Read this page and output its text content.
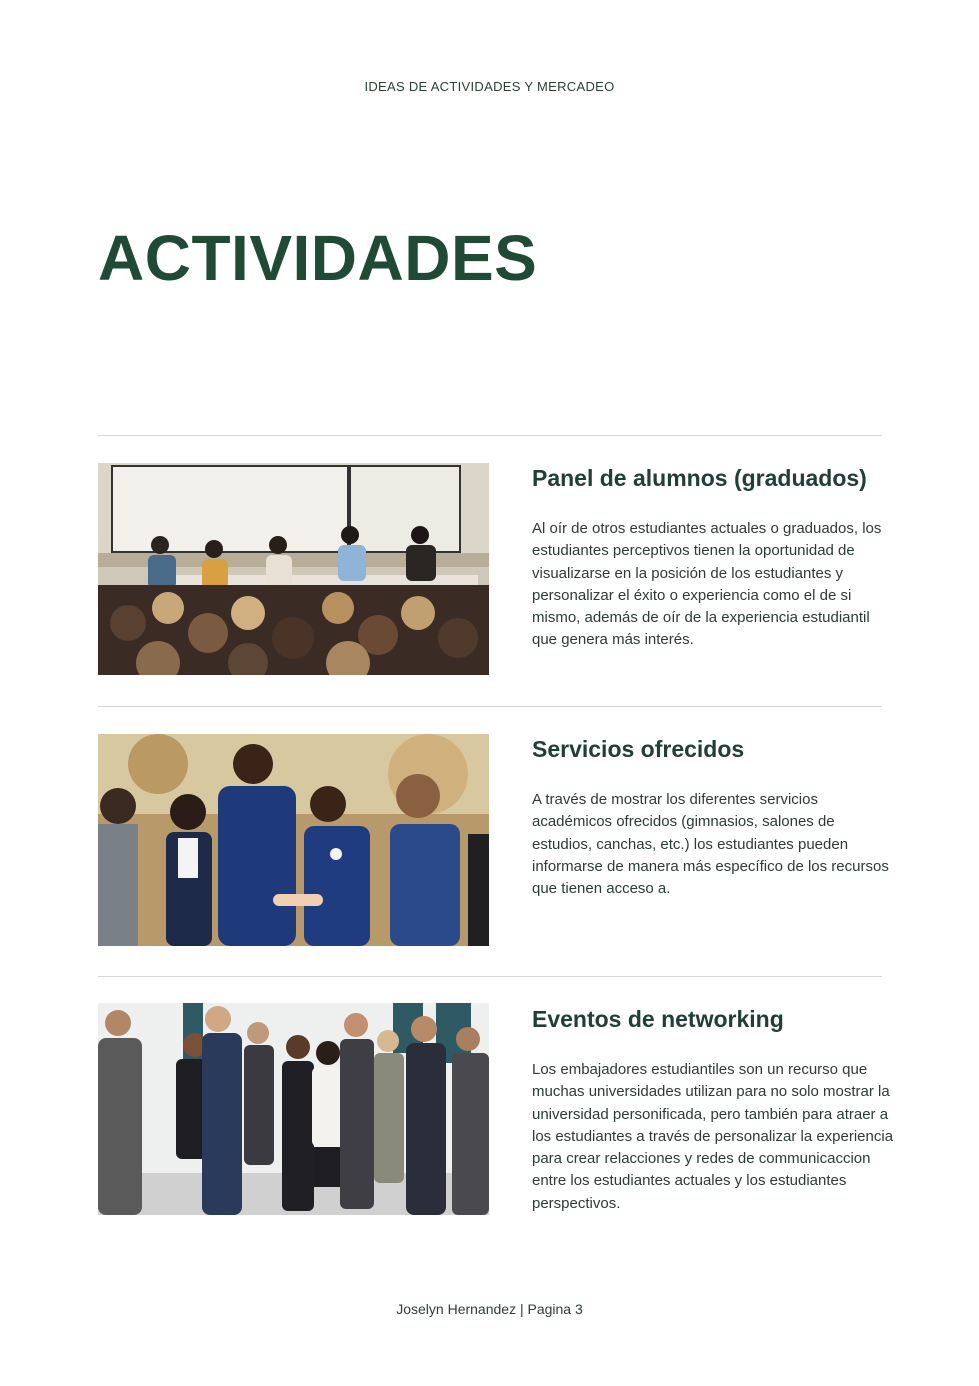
IDEAS DE ACTIVIDADES Y MERCADEO
ACTIVIDADES
Panel de alumnos (graduados)

Al oír de otros estudiantes actuales o graduados, los estudiantes perceptivos tienen la oportunidad de visualizarse en la posición de los estudiantes y personalizar el éxito o experiencia como el de si mismo, además de oír de la experiencia estudiantil que genera más interés.

Servicios ofrecidos

A través de mostrar los diferentes servicios académicos ofrecidos (gimnasios, salones de estudios, canchas, etc.) los estudiantes pueden informarse de manera más específico de los recursos que tienen acceso a.

Eventos de networking

Los embajadores estudiantiles son un recurso que muchas universidades utilizan para no solo mostrar la universidad personificada, pero también para atraer a los estudiantes a través de personalizar la experiencia para crear relacciones y redes de communicaccion entre los estudiantes actuales y los estudiantes perspectivos.

Joselyn Hernandez | Pagina 3
